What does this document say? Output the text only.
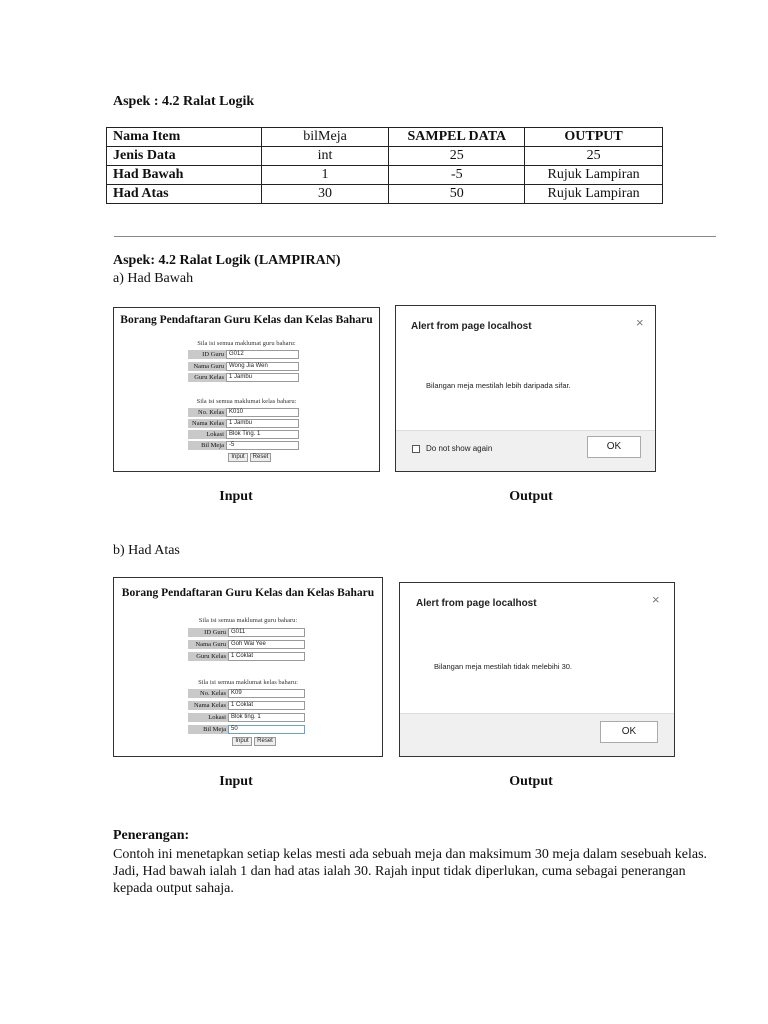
Aspek : 4.2 Ralat Logik
Nama Item	bilMeja	SAMPEL DATA	OUTPUT
Jenis Data	int	25	25
Had Bawah	1	-5	Rujuk Lampiran
Had Atas	30	50	Rujuk Lampiran
Aspek: 4.2 Ralat Logik (LAMPIRAN)
a) Had Bawah
Borang Pendaftaran Guru Kelas dan Kelas Baharu
Sila isi semua maklumat guru baharu:
ID Guru G012
Nama Guru Wong Jia Wen
Guru Kelas 1 Jambu
Sila isi semua maklumat kelas baharu:
No. Kelas K010
Nama Kelas 1 Jambu
Lokasi Blok Ting. 1
Bil Meja -5
Input	Reset
Alert from page localhost	×
Bilangan meja mestilah lebih daripada sifar.
Do not show again	OK
Input	Output
b) Had Atas
Borang Pendaftaran Guru Kelas dan Kelas Baharu
Sila isi semua maklumat guru baharu:
ID Guru G011
Nama Guru Goh Wai Yee
Guru Kelas 1 Coklat
Sila isi semua maklumat kelas baharu:
No. Kelas K09
Nama Kelas 1 Coklat
Lokasi Blok ting. 1
Bil Meja 50
Input	Reset
Alert from page localhost	×
Bilangan meja mestilah tidak melebihi 30.
OK
Input	Output
Penerangan:
Contoh ini menetapkan setiap kelas mesti ada sebuah meja dan maksimum 30 meja dalam sesebuah kelas. Jadi, Had bawah ialah 1 dan had atas ialah 30. Rajah input tidak diperlukan, cuma sebagai penerangan kepada output sahaja.
